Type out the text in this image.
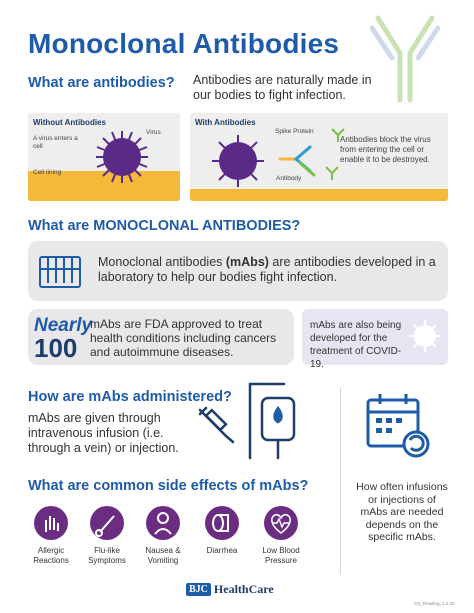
Monoclonal Antibodies
What are antibodies? Antibodies are naturally made in our bodies to fight infection.
Without Antibodies
A virus enters a cell
Virus
Cell lining
With Antibodies
Spike Protein
Antibody
Antibodies block the virus from entering the cell or enable it to be destroyed.
What are MONOCLONAL ANTIBODIES?
Monoclonal antibodies (mAbs) are antibodies developed in a laboratory to help our bodies fight infection.
Nearly
100
mAbs are FDA approved to treat health conditions including cancers and autoimmune diseases.
mAbs are also being developed for the treatment of COVID-19.
How are mAbs administered?
mAbs are given through intravenous infusion (i.e. through a vein) or injection.
How often infusions or injections of mAbs are needed depends on the specific mAbs.
What are common side effects of mAbs?
Allergic Reactions
Flu-like Symptoms
Nausea & Vomiting
Diarrhea	Low Blood Pressure
BJC HealthCare
CS_Reading_1.1.20
